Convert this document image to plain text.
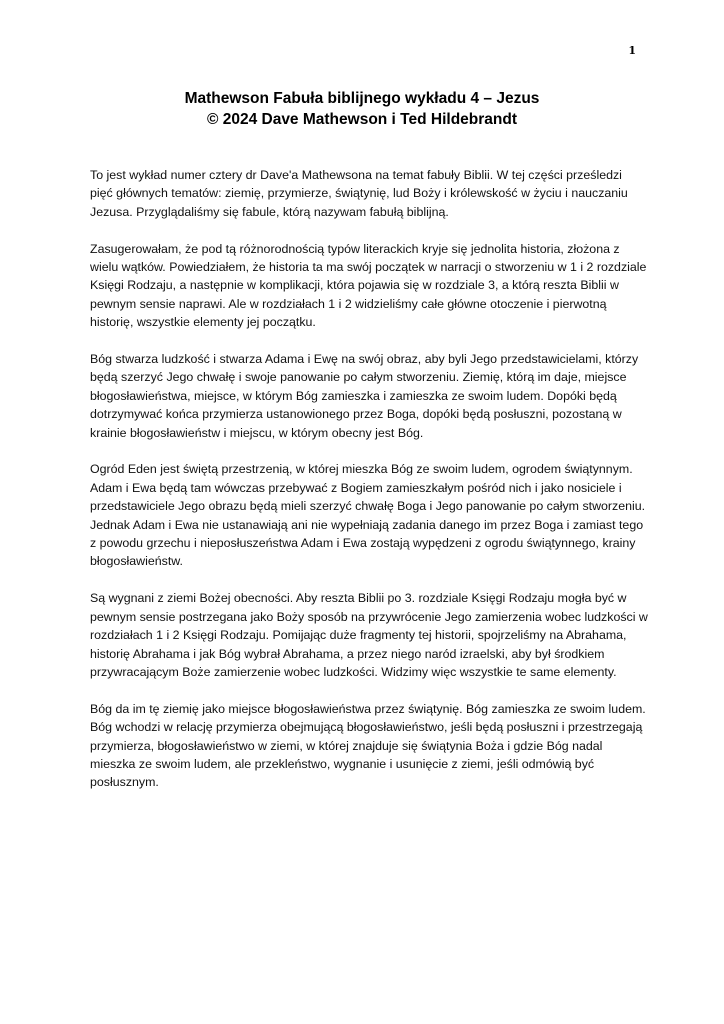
1
Mathewson Fabuła biblijnego wykładu 4 – Jezus
© 2024 Dave Mathewson i Ted Hildebrandt

To jest wykład numer cztery dr Dave'a Mathewsona na temat fabuły Biblii. W tej części prześledzi pięć głównych tematów: ziemię, przymierze, świątynię, lud Boży i królewskość w życiu i nauczaniu Jezusa. Przyglądaliśmy się fabule, którą nazywam fabułą biblijną.

Zasugerowałam, że pod tą różnorodnością typów literackich kryje się jednolita historia, złożona z wielu wątków. Powiedziałem, że historia ta ma swój początek w narracji o stworzeniu w 1 i 2 rozdziale Księgi Rodzaju, a następnie w komplikacji, która pojawia się w rozdziale 3, a którą reszta Biblii w pewnym sensie naprawi. Ale w rozdziałach 1 i 2 widzieliśmy całe główne otoczenie i pierwotną historię, wszystkie elementy jej początku.

Bóg stwarza ludzkość i stwarza Adama i Ewę na swój obraz, aby byli Jego przedstawicielami, którzy będą szerzyć Jego chwałę i swoje panowanie po całym stworzeniu. Ziemię, którą im daje, miejsce błogosławieństwa, miejsce, w którym Bóg zamieszka i zamieszka ze swoim ludem. Dopóki będą dotrzymywać końca przymierza ustanowionego przez Boga, dopóki będą posłuszni, pozostaną w krainie błogosławieństw i miejscu, w którym obecny jest Bóg.

Ogród Eden jest świętą przestrzenią, w której mieszka Bóg ze swoim ludem, ogrodem świątynnym. Adam i Ewa będą tam wówczas przebywać z Bogiem zamieszkałym pośród nich i jako nosiciele i przedstawiciele Jego obrazu będą mieli szerzyć chwałę Boga i Jego panowanie po całym stworzeniu. Jednak Adam i Ewa nie ustanawiają ani nie wypełniają zadania danego im przez Boga i zamiast tego z powodu grzechu i nieposłuszeństwa Adam i Ewa zostają wypędzeni z ogrodu świątynnego, krainy błogosławieństw.

Są wygnani z ziemi Bożej obecności. Aby reszta Biblii po 3. rozdziale Księgi Rodzaju mogła być w pewnym sensie postrzegana jako Boży sposób na przywrócenie Jego zamierzenia wobec ludzkości w rozdziałach 1 i 2 Księgi Rodzaju. Pomijając duże fragmenty tej historii, spojrzeliśmy na Abrahama, historię Abrahama i jak Bóg wybrał Abrahama, a przez niego naród izraelski, aby był środkiem przywracającym Boże zamierzenie wobec ludzkości. Widzimy więc wszystkie te same elementy.

Bóg da im tę ziemię jako miejsce błogosławieństwa przez świątynię. Bóg zamieszka ze swoim ludem. Bóg wchodzi w relację przymierza obejmującą błogosławieństwo, jeśli będą posłuszni i przestrzegają przymierza, błogosławieństwo w ziemi, w której znajduje się świątynia Boża i gdzie Bóg nadal mieszka ze swoim ludem, ale przekleństwo, wygnanie i usunięcie z ziemi, jeśli odmówią być posłusznym.
